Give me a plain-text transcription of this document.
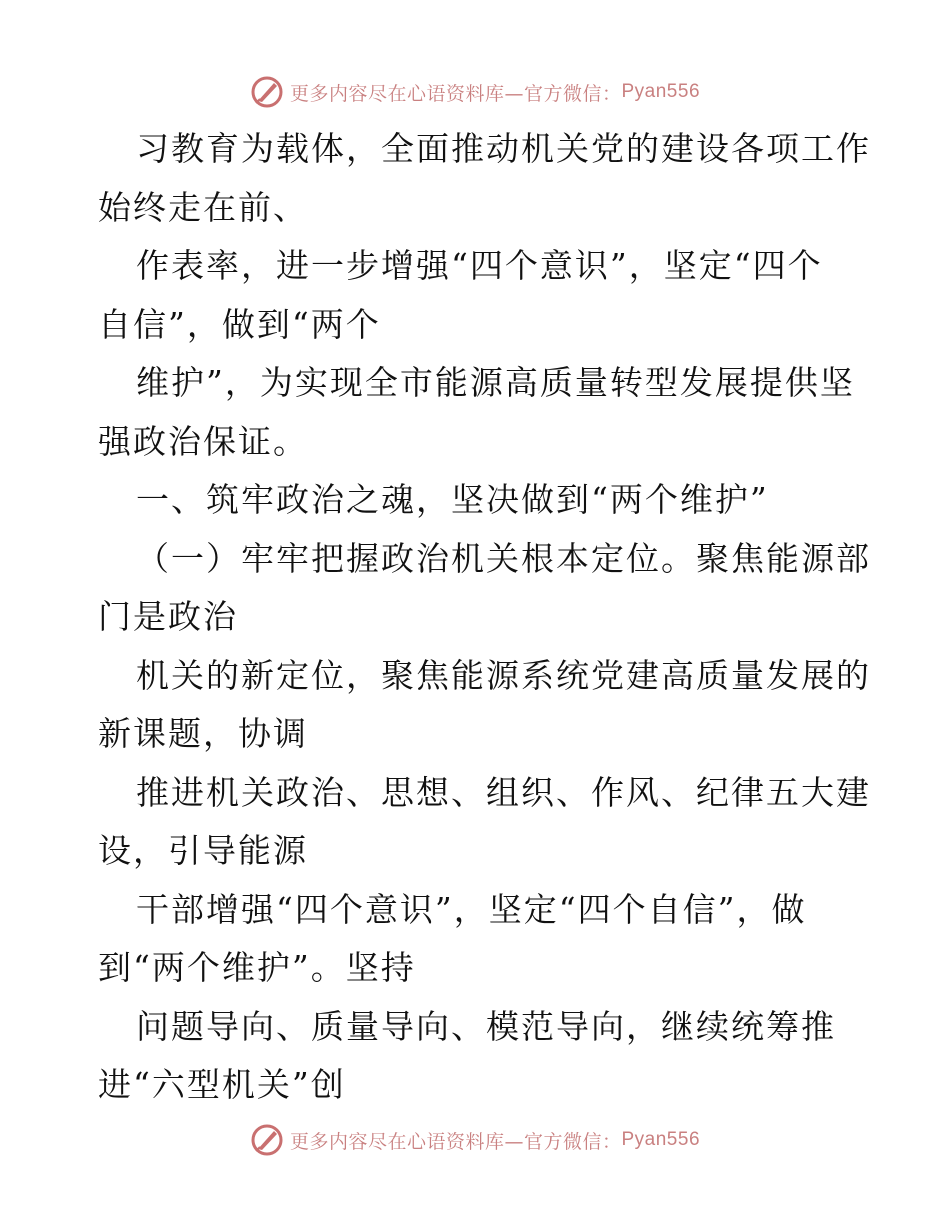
更多内容尽在心语资料库—官方微信： Pyan556
习教育为载体，全面推动机关党的建设各项工作
始终走在前、
作表率，进一步增强“四个意识”，坚定“四个
自信”，做到“两个
维护”，为实现全市能源高质量转型发展提供坚
强政治保证。
一、筑牢政治之魂，坚决做到“两个维护”
（一）牢牢把握政治机关根本定位。聚焦能源部
门是政治
机关的新定位，聚焦能源系统党建高质量发展的
新课题，协调
推进机关政治、思想、组织、作风、纪律五大建
设，引导能源
干部增强“四个意识”，坚定“四个自信”，做
到“两个维护”。坚持
问题导向、质量导向、模范导向，继续统筹推
进“六型机关”创
更多内容尽在心语资料库—官方微信： Pyan556
